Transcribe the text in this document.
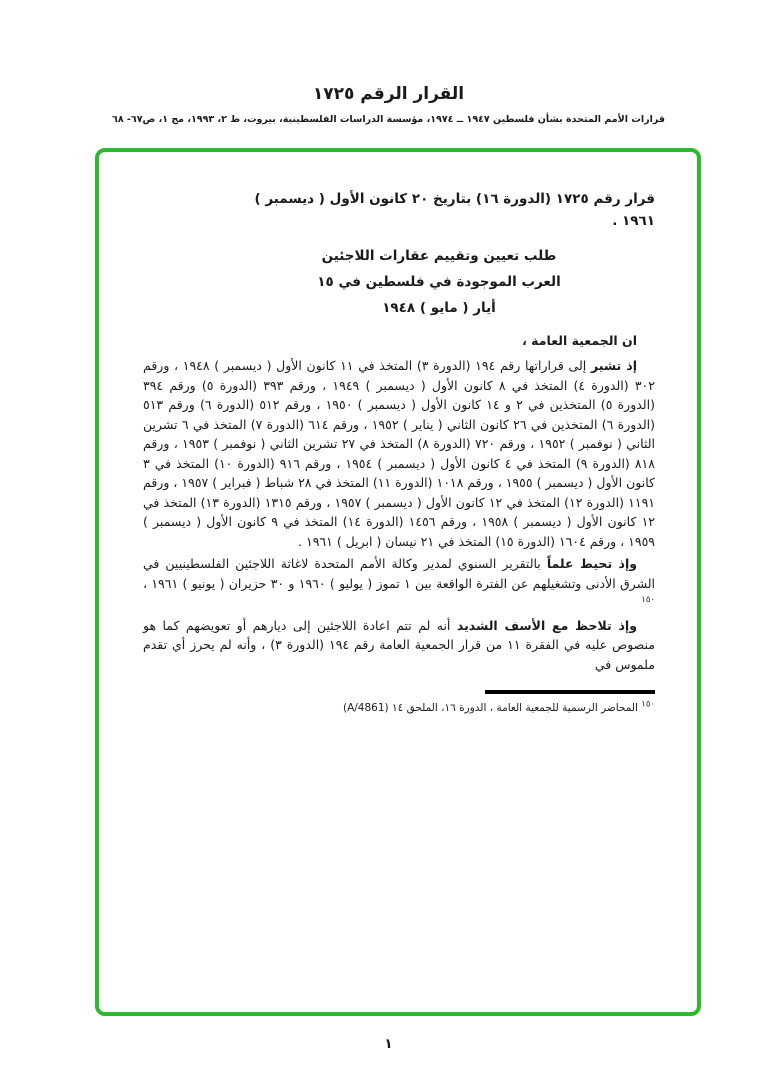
القرار الرقم ١٧٢٥
قرارات الأمم المتحدة بشأن فلسطين ١٩٤٧ ــ ١٩٧٤، مؤسسة الدراسات الفلسطينية، بيروت، ط ٢، ١٩٩٣، مج ١، ص٦٧- ٦٨
قرار رقم ١٧٢٥ (الدورة ١٦) بتاريخ ٢٠ كانون الأول ( ديسمبر )
١٩٦١ .
طلب تعيين وتقييم عقارات اللاجئين
العرب الموجودة في فلسطين في ١٥
أيار ( مايو ) ١٩٤٨

ان الجمعية العامة ،

إذ تشير إلى قراراتها رقم ١٩٤ (الدورة ٣) المتخذ في ١١ كانون الأول ( ديسمبر ) ١٩٤٨ ، ورقم ٣٠٢ (الدورة ٤) المتخذ في ٨ كانون الأول ( ديسمبر ) ١٩٤٩ ، ورقم ٣٩٣ (الدورة ٥) ورقم ٣٩٤ (الدورة ٥) المتخذين في ٢ و ١٤ كانون الأول ( ديسمبر ) ١٩٥٠ ، ورقم ٥١٢ (الدورة ٦) ورقم ٥١٣ (الدورة ٦) المتخذين في ٢٦ كانون الثاني ( يناير ) ١٩٥٢ ، ورقم ٦١٤ (الدورة ٧) المتخذ في ٦ تشرين الثاني ( نوفمبر ) ١٩٥٢ ، ورقم ٧٢٠ (الدورة ٨) المتخذ في ٢٧ تشرين الثاني ( نوفمبر ) ١٩٥٣ ، ورقم ٨١٨ (الدورة ٩) المتخذ في ٤ كانون الأول ( ديسمبر ) ١٩٥٤ ، ورقم ٩١٦ (الدورة ١٠) المتخذ في ٣ كانون الأول ( ديسمبر ) ١٩٥٥ ، ورقم ١٠١٨ (الدورة ١١) المتخذ في ٢٨ شباط ( فبراير ) ١٩٥٧ ، ورقم ١١٩١ (الدورة ١٢) المتخذ في ١٢ كانون الأول ( ديسمبر ) ١٩٥٧ ، ورقم ١٣١٥ (الدورة ١٣) المتخذ في ١٢ كانون الأول ( ديسمبر ) ١٩٥٨ ، ورقم ١٤٥٦ (الدورة ١٤) المتخذ في ٩ كانون الأول ( ديسمبر ) ١٩٥٩ ، ورقم ١٦٠٤ (الدورة ١٥) المتخذ في ٢١ نيسان ( ابريل ) ١٩٦١ .

وإذ تحيط علماً بالتقرير السنوي لمدير وكالة الأمم المتحدة لاغاثة اللاجئين الفلسطينيين في الشرق الأدنى وتشغيلهم عن الفترة الواقعة بين ١ تموز ( يوليو ) ١٩٦٠ و ٣٠ حزيران ( يونيو ) ١٩٦١ ، $^{١٥٠}$

وإذ تلاحظ مع الأسف الشديد أنه لم تتم اعادة اللاجئين إلى ديارهم أو تعويضهم كما هو منصوص عليه في الفقرة ١١ من قرار الجمعية العامة رقم ١٩٤ (الدورة ٣) ، وأنه لم يحرز أي تقدم ملموس في

$^{١٥٠}$ المحاضر الرسمية للجمعية العامة ، الدورة ١٦، الملحق ١٤ (A/4861)

١
